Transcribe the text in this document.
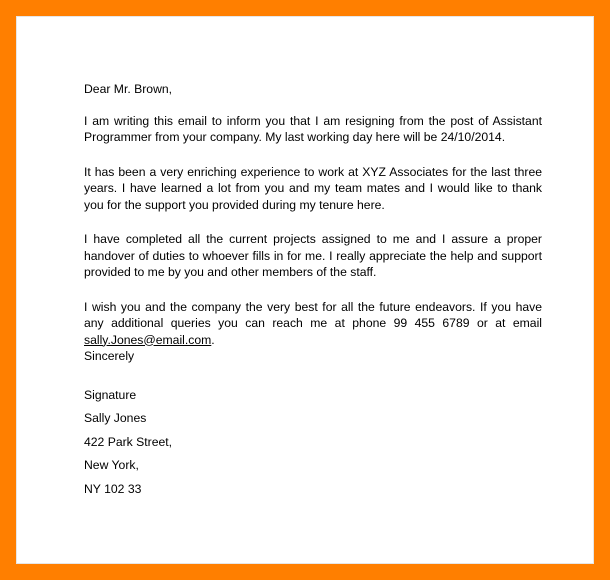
Dear Mr. Brown,

I am writing this email to inform you that I am resigning from the post of Assistant Programmer from your company. My last working day here will be 24/10/2014.

It has been a very enriching experience to work at XYZ Associates for the last three years. I have learned a lot from you and my team mates and I would like to thank you for the support you provided during my tenure here.

I have completed all the current projects assigned to me and I assure a proper handover of duties to whoever fills in for me. I really appreciate the help and support provided to me by you and other members of the staff.

I wish you and the company the very best for all the future endeavors. If you have any additional queries you can reach me at phone 99 455 6789 or at email sally.Jones@email.com.

Sincerely

Signature

Sally Jones

422 Park Street,

New York,

NY 102 33
